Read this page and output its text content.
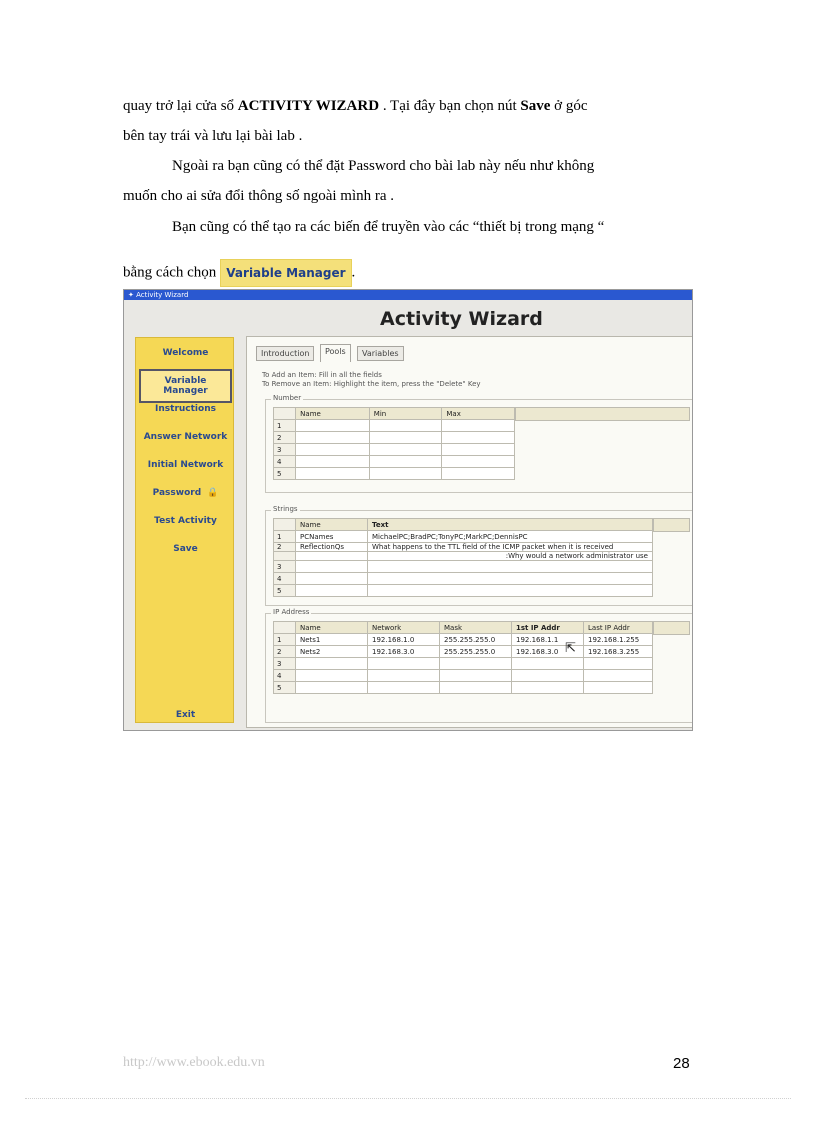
quay trở lại cửa sổ ACTIVITY WIZARD . Tại đây bạn chọn nút Save ở góc
bên tay trái và lưu lại bài lab .
Ngoài ra bạn cũng có thể đặt Password cho bài lab này nếu như không
muốn cho ai sửa đổi thông số ngoài mình ra .
Bạn cũng có thể tạo ra các biến để truyền vào các “thiết bị trong mạng “
bằng cách chọn Variable Manager .
✦ Activity Wizard
Activity Wizard
Welcome
Variable Manager
Instructions
Answer Network
Initial Network
Password 🔒
Test Activity
Save
Exit
Introduction	Pools	Variables
To Add an Item: Fill in all the fields
To Remove an Item: Highlight the item, press the "Delete" Key
Number
	Name	Min	Max
1			
2			
3			
4			
5			
Strings
	Name	Text
1	PCNames	MichaelPC;BradPC;TonyPC;MarkPC;DennisPC
2	ReflectionQs	What happens to the TTL field of the ICMP packet when it is received
		:Why would a network administrator use
3		
4		
5		
IP Address
	Name	Network	Mask	1st IP Addr	Last IP Addr
1	Nets1	192.168.1.0	255.255.255.0	192.168.1.1	192.168.1.255
2	Nets2	192.168.3.0	255.255.255.0	192.168.3.0	192.168.3.255
3					
4					
5					
⇱
http://www.ebook.edu.vn	28
